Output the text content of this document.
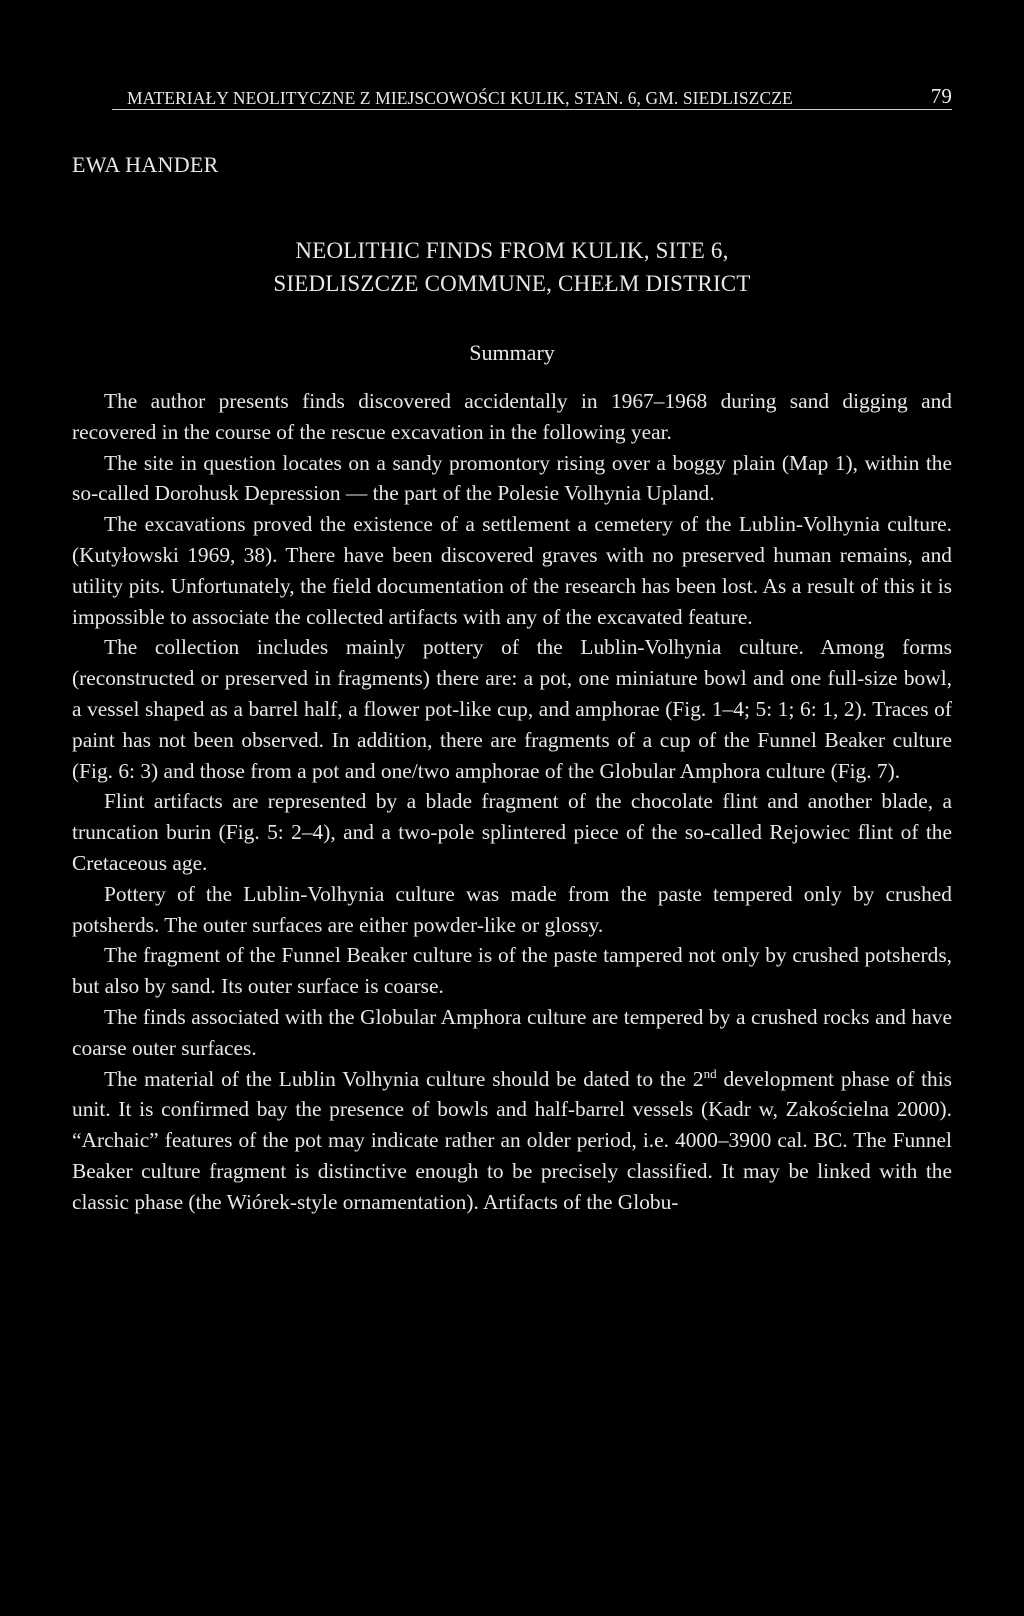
MATERIAŁY NEOLITYCZNE Z MIEJSCOWOŚCI KULIK, STAN. 6, GM. SIEDLISZCZE	79
EWA HANDER
NEOLITHIC FINDS FROM KULIK, SITE 6,
SIEDLISZCZE COMMUNE, CHEŁM DISTRICT
Summary

The author presents finds discovered accidentally in 1967–1968 during sand digging and recovered in the course of the rescue excavation in the following year.

The site in question locates on a sandy promontory rising over a boggy plain (Map 1), within the so-called Dorohusk Depression — the part of the Polesie Volhynia Upland.

The excavations proved the existence of a settlement a cemetery of the Lublin-Volhynia culture. (Kutyłowski 1969, 38). There have been discovered graves with no preserved human remains, and utility pits. Unfortunately, the field documentation of the research has been lost. As a result of this it is impossible to associate the collected artifacts with any of the excavated feature.

The collection includes mainly pottery of the Lublin-Volhynia culture. Among forms (reconstructed or preserved in fragments) there are: a pot, one miniature bowl and one full-size bowl, a vessel shaped as a barrel half, a flower pot-like cup, and amphorae (Fig. 1–4; 5: 1; 6: 1, 2). Traces of paint has not been observed. In addition, there are fragments of a cup of the Funnel Beaker culture (Fig. 6: 3) and those from a pot and one/two amphorae of the Globular Amphora culture (Fig. 7).

Flint artifacts are represented by a blade fragment of the chocolate flint and another blade, a truncation burin (Fig. 5: 2–4), and a two-pole splintered piece of the so-called Rejowiec flint of the Cretaceous age.

Pottery of the Lublin-Volhynia culture was made from the paste tempered only by crushed potsherds. The outer surfaces are either powder-like or glossy.

The fragment of the Funnel Beaker culture is of the paste tampered not only by crushed potsherds, but also by sand. Its outer surface is coarse.

The finds associated with the Globular Amphora culture are tempered by a crushed rocks and have coarse outer surfaces.

The material of the Lublin Volhynia culture should be dated to the 2nd development phase of this unit. It is confirmed bay the presence of bowls and half-barrel vessels (Kadr w, Zakościelna 2000). “Archaic” features of the pot may indicate rather an older period, i.e. 4000–3900 cal. BC. The Funnel Beaker culture fragment is distinctive enough to be precisely classified. It may be linked with the classic phase (the Wiórek-style ornamentation). Artifacts of the Globu-
